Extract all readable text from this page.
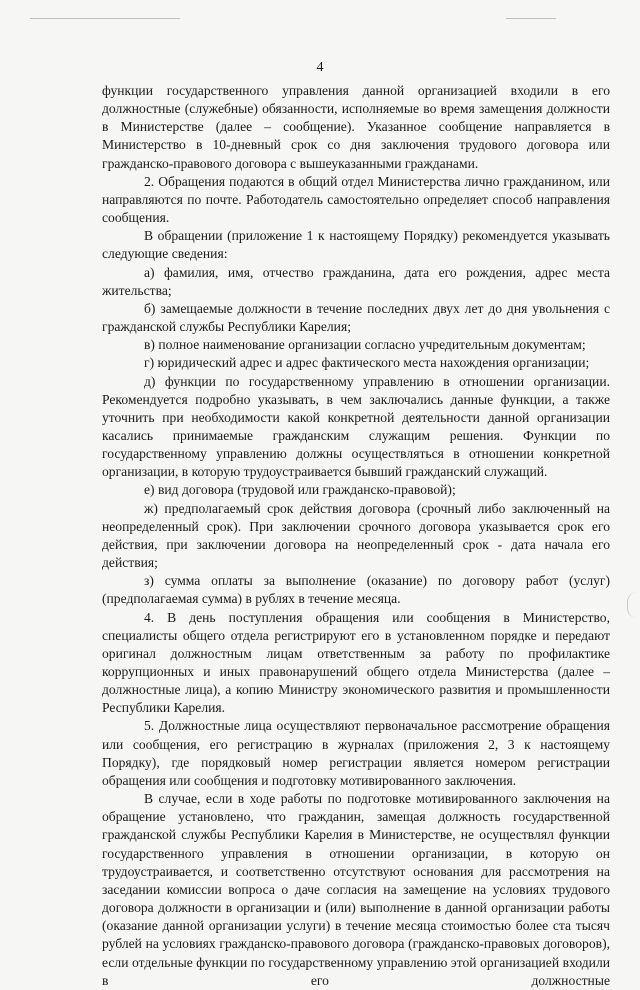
4

функции государственного управления данной организацией входили в его должностные (служебные) обязанности, исполняемые во время замещения должности в Министерстве (далее – сообщение). Указанное сообщение направляется в Министерство в 10-дневный срок со дня заключения трудового договора или гражданско-правового договора с вышеуказанными гражданами.

2. Обращения подаются в общий отдел Министерства лично гражданином, или направляются по почте. Работодатель самостоятельно определяет способ направления сообщения.

В обращении (приложение 1 к настоящему Порядку) рекомендуется указывать следующие сведения:

а) фамилия, имя, отчество гражданина, дата его рождения, адрес места жительства;

б) замещаемые должности в течение последних двух лет до дня увольнения с гражданской службы Республики Карелия;

в) полное наименование организации согласно учредительным документам;

г) юридический адрес и адрес фактического места нахождения организации;

д) функции по государственному управлению в отношении организации. Рекомендуется подробно указывать, в чем заключались данные функции, а также уточнить при необходимости какой конкретной деятельности данной организации касались принимаемые гражданским служащим решения. Функции по государственному управлению должны осуществляться в отношении конкретной организации, в которую трудоустраивается бывший гражданский служащий.

е) вид договора (трудовой или гражданско-правовой);

ж) предполагаемый срок действия договора (срочный либо заключенный на неопределенный срок). При заключении срочного договора указывается срок его действия, при заключении договора на неопределенный срок - дата начала его действия;

з) сумма оплаты за выполнение (оказание) по договору работ (услуг) (предполагаемая сумма) в рублях в течение месяца.

4. В день поступления обращения или сообщения в Министерство, специалисты общего отдела регистрируют его в установленном порядке и передают оригинал должностным лицам ответственным за работу по профилактике коррупционных и иных правонарушений общего отдела Министерства (далее – должностные лица), а копию Министру экономического развития и промышленности Республики Карелия.

5. Должностные лица осуществляют первоначальное рассмотрение обращения или сообщения, его регистрацию в журналах (приложения 2, 3 к настоящему Порядку), где порядковый номер регистрации является номером регистрации обращения или сообщения и подготовку мотивированного заключения.

В случае, если в ходе работы по подготовке мотивированного заключения на обращение установлено, что гражданин, замещая должность государственной гражданской службы Республики Карелия в Министерстве, не осуществлял функции государственного управления в отношении организации, в которую он трудоустраивается, и соответственно отсутствуют основания для рассмотрения на заседании комиссии вопроса о даче согласия на замещение на условиях трудового договора должности в организации и (или) выполнение в данной организации работы (оказание данной организации услуги) в течение месяца стоимостью более ста тысяч рублей на условиях гражданско-правового договора (гражданско-правовых договоров), если отдельные функции по государственному управлению этой организацией входили в его должностные
